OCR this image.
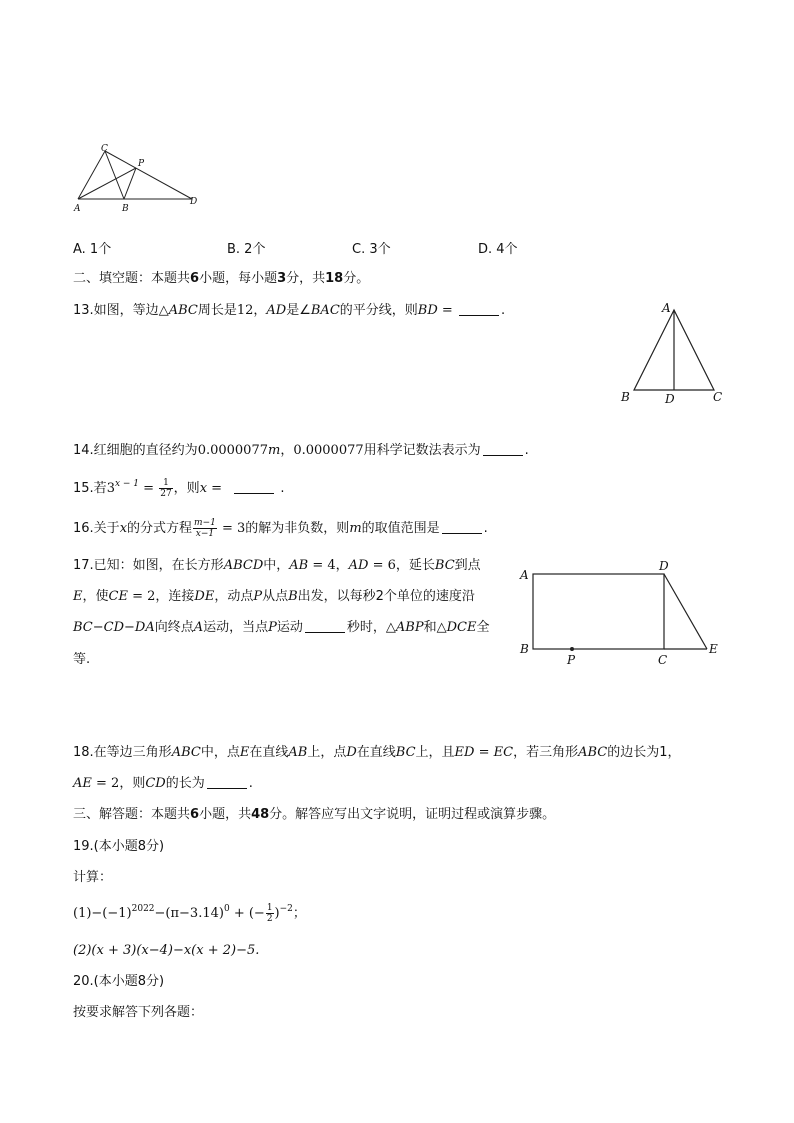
C
P
A	B
D
A. 1个	B. 2个	C. 3个	D. 4个
二、填空题：本题共6小题，每小题3分，共18分。
13.如图，等边△ABC周长是12，AD是∠BAC的平分线，则BD =	.	A
B	D	C
14.红细胞的直径约为0.0000077m，0.0000077用科学记数法表示为	.
15.若$3^{x - 1} = \frac{1}{27}$ ，则x =	.
16.关于x的分式方程 $\frac{m-1}{x-1} = 3$的解为非负数，则m的取值范围是	.
17.已知：如图，在长方形ABCD中，AB = 4，AD = 6，延长BC到点
E，使CE = 2，连接DE，动点P从点B出发，以每秒2个单位的速度沿
BC−CD−DA向终点A运动，当点P运动	秒时，△ABP和△DCE全
等.
A
D
B
P	C
E
18.在等边三角形ABC中，点E在直线AB上，点D在直线BC上，且ED = EC，若三角形ABC的边长为1，
AE = 2，则CD的长为	.
三、解答题：本题共6小题，共48分。解答应写出文字说明，证明过程或演算步骤。
19.(本小题8分)
计算：
$(1)-(-1)^{2022}-(\pi-3.14)^0$ + (− $\frac{1}{2} )^{-2}$；
(2)(x + 3)(x−4)−x(x + 2)−5.
20.(本小题8分)
按要求解答下列各题：
